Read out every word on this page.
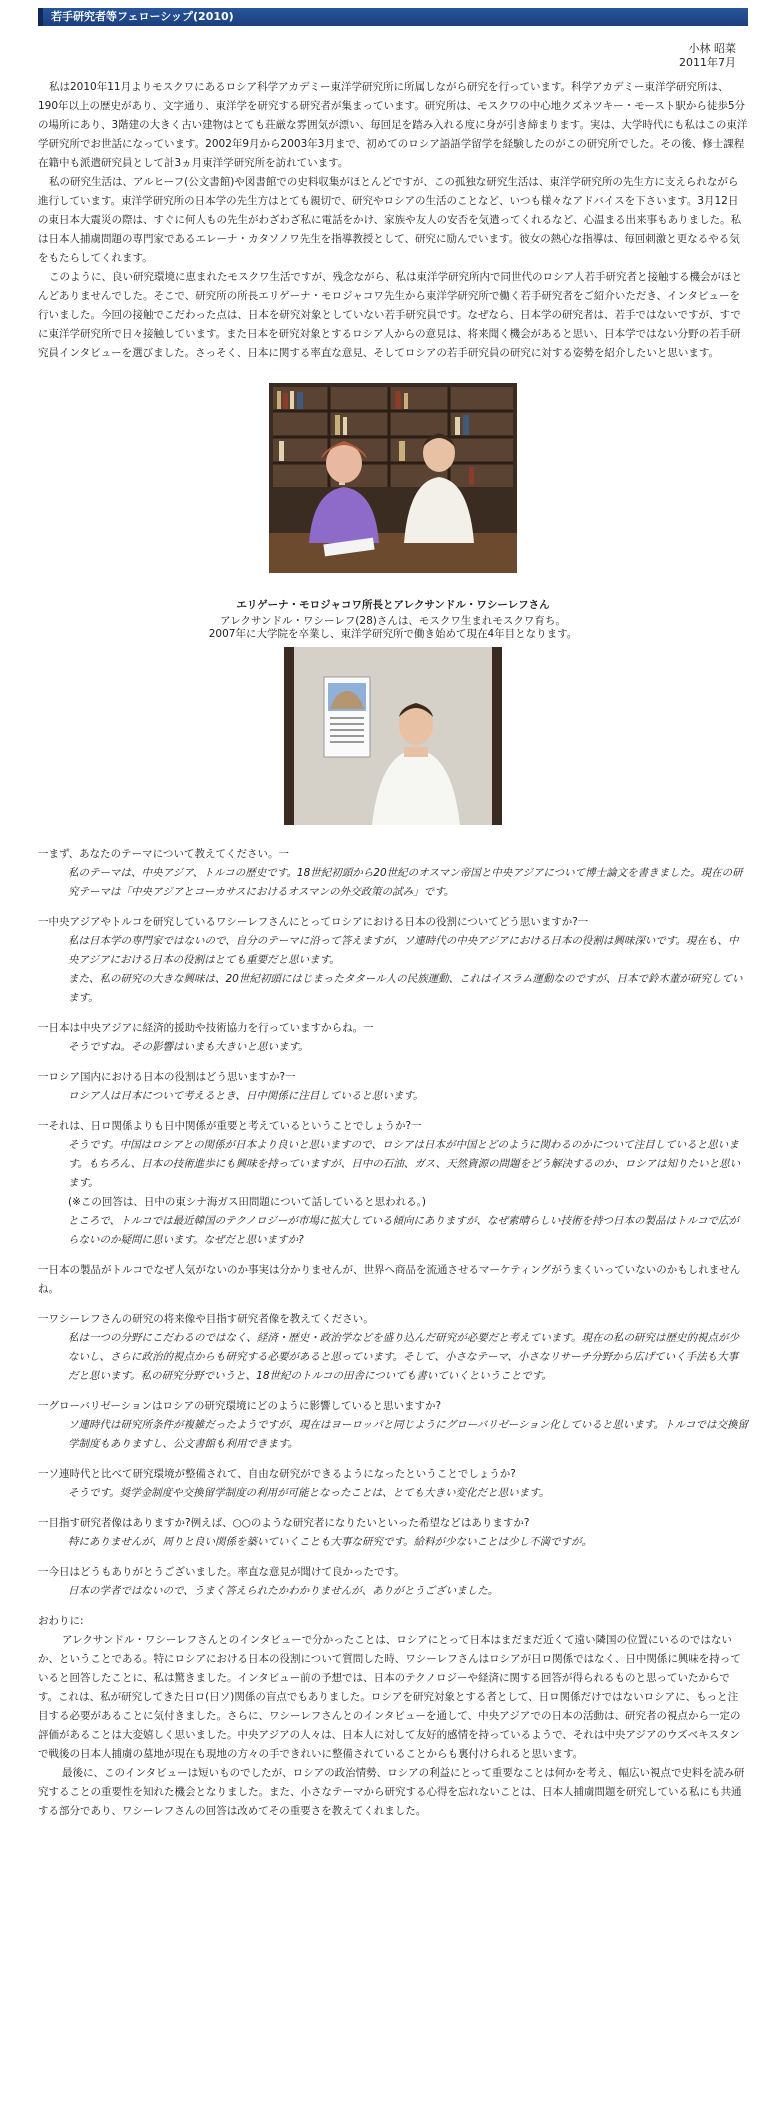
若手研究者等フェローシップ(2010)
小林 昭菜
2011年7月

私は2010年11月よりモスクワにあるロシア科学アカデミー東洋学研究所に所属しながら研究を行っています。科学アカデミー東洋学研究所は、190年以上の歴史があり、文字通り、東洋学を研究する研究者が集まっています。研究所は、モスクワの中心地クズネツキー・モースト駅から徒歩5分の場所にあり、3階建の大きく古い建物はとても荘厳な雰囲気が漂い、毎回足を踏み入れる度に身が引き締まります。実は、大学時代にも私はこの東洋学研究所でお世話になっています。2002年9月から2003年3月まで、初めてのロシア語語学留学を経験したのがこの研究所でした。その後、修士課程在籍中も派遣研究員として計3ヵ月東洋学研究所を訪れています。

私の研究生活は、アルヒーフ(公文書館)や図書館での史料収集がほとんどですが、この孤独な研究生活は、東洋学研究所の先生方に支えられながら進行しています。東洋学研究所の日本学の先生方はとても親切で、研究やロシアの生活のことなど、いつも様々なアドバイスを下さいます。3月12日の東日本大震災の際は、すぐに何人もの先生がわざわざ私に電話をかけ、家族や友人の安否を気遣ってくれるなど、心温まる出来事もありました。私は日本人捕虜問題の専門家であるエレーナ・カタソノワ先生を指導教授として、研究に励んでいます。彼女の熱心な指導は、毎回刺激と更なるやる気をもたらしてくれます。

このように、良い研究環境に恵まれたモスクワ生活ですが、残念ながら、私は東洋学研究所内で同世代のロシア人若手研究者と接触する機会がほとんどありませんでした。そこで、研究所の所長エリゲーナ・モロジャコワ先生から東洋学研究所で働く若手研究者をご紹介いただき、インタビューを行いました。今回の接触でこだわった点は、日本を研究対象としていない若手研究員です。なぜなら、日本学の研究者は、若手ではないですが、すでに東洋学研究所で日々接触しています。また日本を研究対象とするロシア人からの意見は、将来聞く機会があると思い、日本学ではない分野の若手研究員インタビューを選びました。さっそく、日本に関する率直な意見、そしてロシアの若手研究員の研究に対する姿勢を紹介したいと思います。

エリゲーナ・モロジャコワ所長とアレクサンドル・ワシーレフさん
アレクサンドル・ワシーレフ(28)さんは、モスクワ生まれモスクワ育ち。
2007年に大学院を卒業し、東洋学研究所で働き始めて現在4年目となります。

一まず、あなたのテーマについて教えてください。一

私のテーマは、中央アジア、トルコの歴史です。18世紀初頭から20世紀のオスマン帝国と中央アジアについて博士論文を書きました。現在の研究テーマは「中央アジアとコーカサスにおけるオスマンの外交政策の試み」です。

一中央アジアやトルコを研究しているワシーレフさんにとってロシアにおける日本の役割についてどう思いますか?一

私は日本学の専門家ではないので、自分のテーマに沿って答えますが、ソ連時代の中央アジアにおける日本の役割は興味深いです。現在も、中央アジアにおける日本の役割はとても重要だと思います。

また、私の研究の大きな興味は、20世紀初頭にはじまったタタール人の民族運動、これはイスラム運動なのですが、日本で鈴木董が研究しています。

一日本は中央アジアに経済的援助や技術協力を行っていますからね。一

そうですね。その影響はいまも大きいと思います。

一ロシア国内における日本の役割はどう思いますか?一

ロシア人は日本について考えるとき、日中関係に注目していると思います。

一それは、日ロ関係よりも日中関係が重要と考えているということでしょうか?一

そうです。中国はロシアとの関係が日本より良いと思いますので、ロシアは日本が中国とどのように関わるのかについて注目していると思います。もちろん、日本の技術進歩にも興味を持っていますが、日中の石油、ガス、天然資源の問題をどう解決するのか、ロシアは知りたいと思います。

(※この回答は、日中の東シナ海ガス田問題について話していると思われる。)

ところで、トルコでは最近韓国のテクノロジーが市場に拡大している傾向にありますが、なぜ素晴らしい技術を持つ日本の製品はトルコで広がらないのか疑問に思います。なぜだと思いますか?

一日本の製品がトルコでなぜ人気がないのか事実は分かりませんが、世界へ商品を流通させるマーケティングがうまくいっていないのかもしれませんね。

一ワシーレフさんの研究の将来像や目指す研究者像を教えてください。

私は一つの分野にこだわるのではなく、経済・歴史・政治学などを盛り込んだ研究が必要だと考えています。現在の私の研究は歴史的視点が少ないし、さらに政治的視点からも研究する必要があると思っています。そして、小さなテーマ、小さなリサーチ分野から広げていく手法も大事だと思います。私の研究分野でいうと、18世紀のトルコの田舎についても書いていくということです。

一グローバリゼーションはロシアの研究環境にどのように影響していると思いますか?

ソ連時代は研究所条件が複雑だったようですが、現在はヨーロッパと同じようにグローバリゼーション化していると思います。トルコでは交換留学制度もありますし、公文書館も利用できます。

一ソ連時代と比べて研究環境が整備されて、自由な研究ができるようになったということでしょうか?

そうです。奨学金制度や交換留学制度の利用が可能となったことは、とても大きい変化だと思います。

一目指す研究者像はありますか?例えば、○○のような研究者になりたいといった希望などはありますか?

特にありませんが、周りと良い関係を築いていくことも大事な研究です。給料が少ないことは少し不満ですが。

一今日はどうもありがとうございました。率直な意見が聞けて良かったです。

日本の学者ではないので、うまく答えられたかわかりませんが、ありがとうございました。

おわりに:

アレクサンドル・ワシーレフさんとのインタビューで分かったことは、ロシアにとって日本はまだまだ近くて遠い隣国の位置にいるのではないか、ということである。特にロシアにおける日本の役割について質問した時、ワシーレフさんはロシアが日ロ関係ではなく、日中関係に興味を持っていると回答したことに、私は驚きました。インタビュー前の予想では、日本のテクノロジーや経済に関する回答が得られるものと思っていたからです。これは、私が研究してきた日ロ(日ソ)関係の盲点でもありました。ロシアを研究対象とする者として、日ロ関係だけではないロシアに、もっと注目する必要があることに気付きました。さらに、ワシーレフさんとのインタビューを通して、中央アジアでの日本の活動は、研究者の視点から一定の評価があることは大変嬉しく思いました。中央アジアの人々は、日本人に対して友好的感情を持っているようで、それは中央アジアのウズベキスタンで戦後の日本人捕虜の墓地が現在も現地の方々の手できれいに整備されていることからも裏付けられると思います。

最後に、このインタビューは短いものでしたが、ロシアの政治情勢、ロシアの利益にとって重要なことは何かを考え、幅広い視点で史料を読み研究することの重要性を知れた機会となりました。また、小さなテーマから研究する心得を忘れないことは、日本人捕虜問題を研究している私にも共通する部分であり、ワシーレフさんの回答は改めてその重要さを教えてくれました。
